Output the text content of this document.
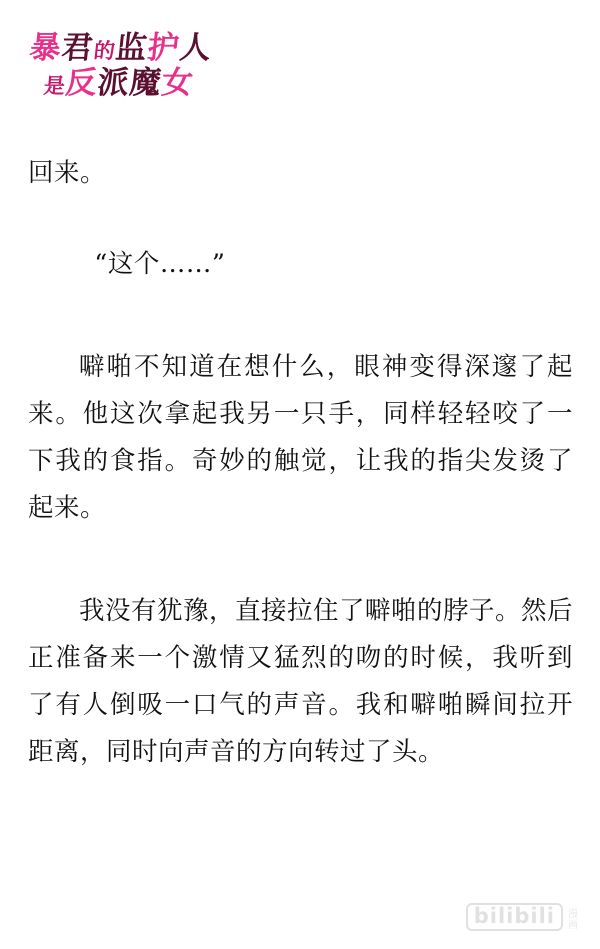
暴君的监护人
是反派魔女

回来。

“这个……”

噼啪不知道在想什么，眼神变得深邃了起来。他这次拿起我另一只手，同样轻轻咬了一下我的食指。奇妙的触觉，让我的指尖发烫了起来。

我没有犹豫，直接拉住了噼啪的脖子。然后正准备来一个激情又猛烈的吻的时候，我听到了有人倒吸一口气的声音。我和噼啪瞬间拉开距离，同时向声音的方向转过了头。

bilibili	漫
画
